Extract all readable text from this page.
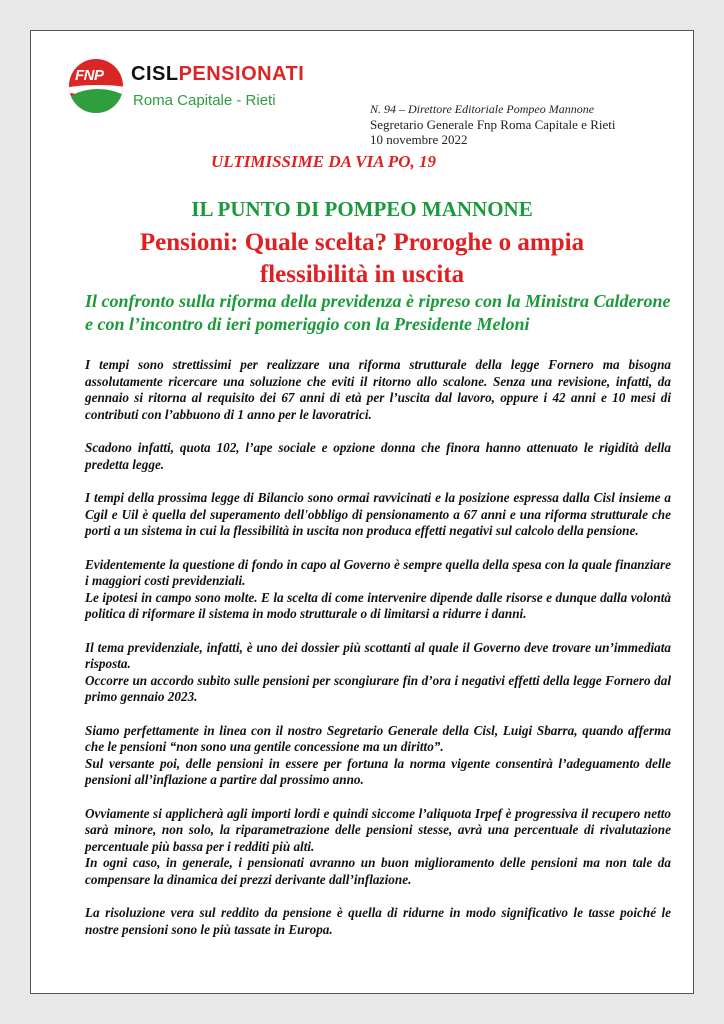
FNP CISLPENSIONATI
Roma Capitale - Rieti	N. 94 – Direttore Editoriale Pompeo Mannone
Segretario Generale Fnp Roma Capitale e Rieti
10 novembre 2022
ULTIMISSIME DA VIA PO, 19
IL PUNTO DI POMPEO MANNONE
Pensioni: Quale scelta? Proroghe o ampia
flessibilità in uscita
Il confronto sulla riforma della previdenza è ripreso con la Ministra Calderone e con l’incontro di ieri pomeriggio con la Presidente Meloni

I tempi sono strettissimi per realizzare una riforma strutturale della legge Fornero ma bisogna assolutamente ricercare una soluzione che eviti il ritorno allo scalone. Senza una revisione, infatti, da gennaio si ritorna al requisito dei 67 anni di età per l’uscita dal lavoro, oppure i 42 anni e 10 mesi di contributi con l’abbuono di 1 anno per le lavoratrici.

Scadono infatti, quota 102, l’ape sociale e opzione donna che finora hanno attenuato le rigidità della predetta legge.

I tempi della prossima legge di Bilancio sono ormai ravvicinati e la posizione espressa dalla Cisl insieme a Cgil e Uil è quella del superamento dell'obbligo di pensionamento a 67 anni e una riforma strutturale che porti a un sistema in cui la flessibilità in uscita non produca effetti negativi sul calcolo della pensione.

Evidentemente la questione di fondo in capo al Governo è sempre quella della spesa con la quale finanziare i maggiori costi previdenziali.
Le ipotesi in campo sono molte. E la scelta di come intervenire dipende dalle risorse e dunque dalla volontà politica di riformare il sistema in modo strutturale o di limitarsi a ridurre i danni.

Il tema previdenziale, infatti, è uno dei dossier più scottanti al quale il Governo deve trovare un’immediata risposta.
Occorre un accordo subito sulle pensioni per scongiurare fin d’ora i negativi effetti della legge Fornero dal primo gennaio 2023.

Siamo perfettamente in linea con il nostro Segretario Generale della Cisl, Luigi Sbarra, quando afferma che le pensioni “non sono una gentile concessione ma un diritto”.
Sul versante poi, delle pensioni in essere per fortuna la norma vigente consentirà l’adeguamento delle pensioni all’inflazione a partire dal prossimo anno.

Ovviamente si applicherà agli importi lordi e quindi siccome l’aliquota Irpef è progressiva il recupero netto sarà minore, non solo, la riparametrazione delle pensioni stesse, avrà una percentuale di rivalutazione percentuale più bassa per i redditi più alti.
In ogni caso, in generale, i pensionati avranno un buon miglioramento delle pensioni ma non tale da compensare la dinamica dei prezzi derivante dall’inflazione.

La risoluzione vera sul reddito da pensione è quella di ridurne in modo significativo le tasse poiché le nostre pensioni sono le più tassate in Europa.
